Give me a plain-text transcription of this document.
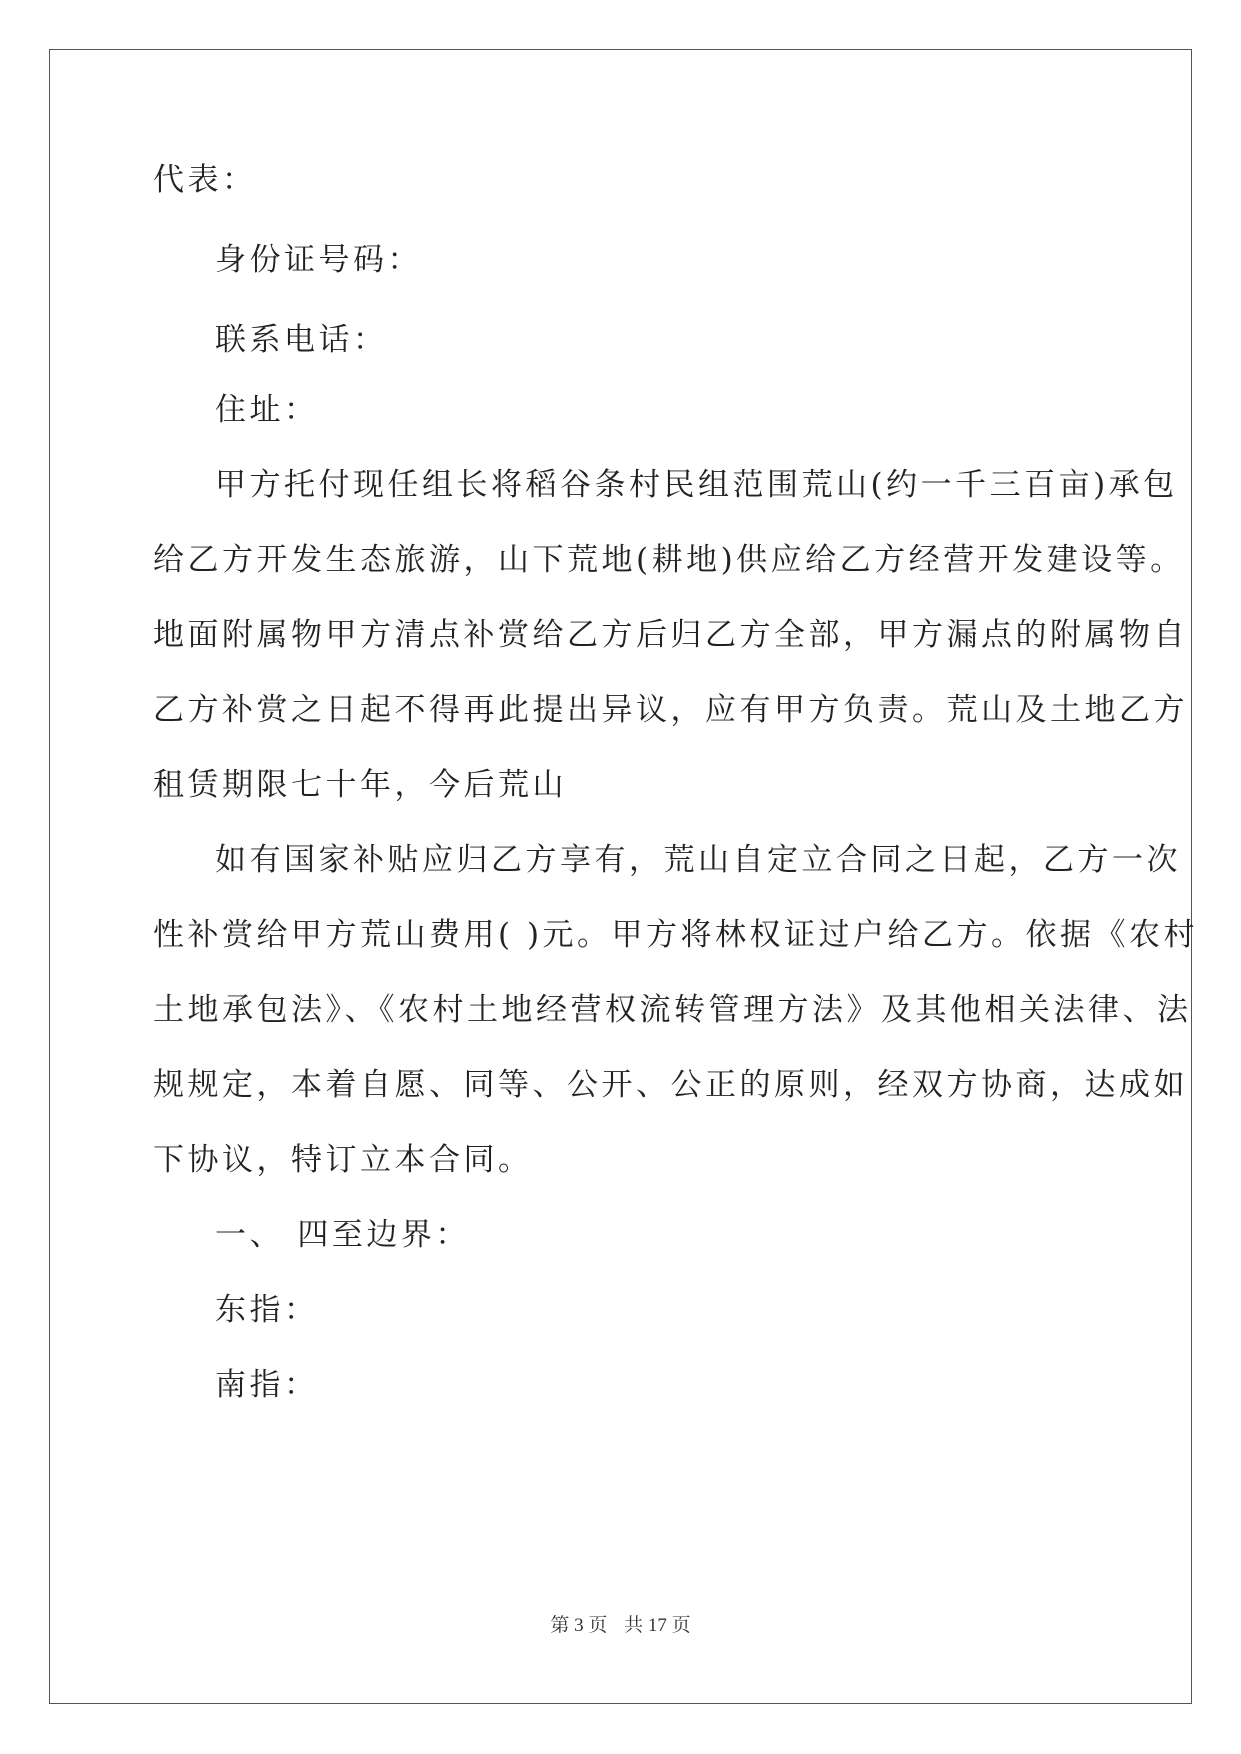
代表：
身份证号码：
联系电话：
住址：
甲方托付现任组长将稻谷条村民组范围荒山(约一千三百亩)承包
给乙方开发生态旅游，山下荒地(耕地)供应给乙方经营开发建设等。
地面附属物甲方清点补赏给乙方后归乙方全部，甲方漏点的附属物自
乙方补赏之日起不得再此提出异议，应有甲方负责。荒山及土地乙方
租赁期限七十年，今后荒山
如有国家补贴应归乙方享有，荒山自定立合同之日起，乙方一次
性补赏给甲方荒山费用( )元。甲方将林权证过户给乙方。依据《农村
土地承包法》、《农村土地经营权流转管理方法》及其他相关法律、法
规规定，本着自愿、同等、公开、公正的原则，经双方协商，达成如
下协议，特订立本合同。
一、 四至边界：
东指：
南指：
第 3 页 共 17 页
